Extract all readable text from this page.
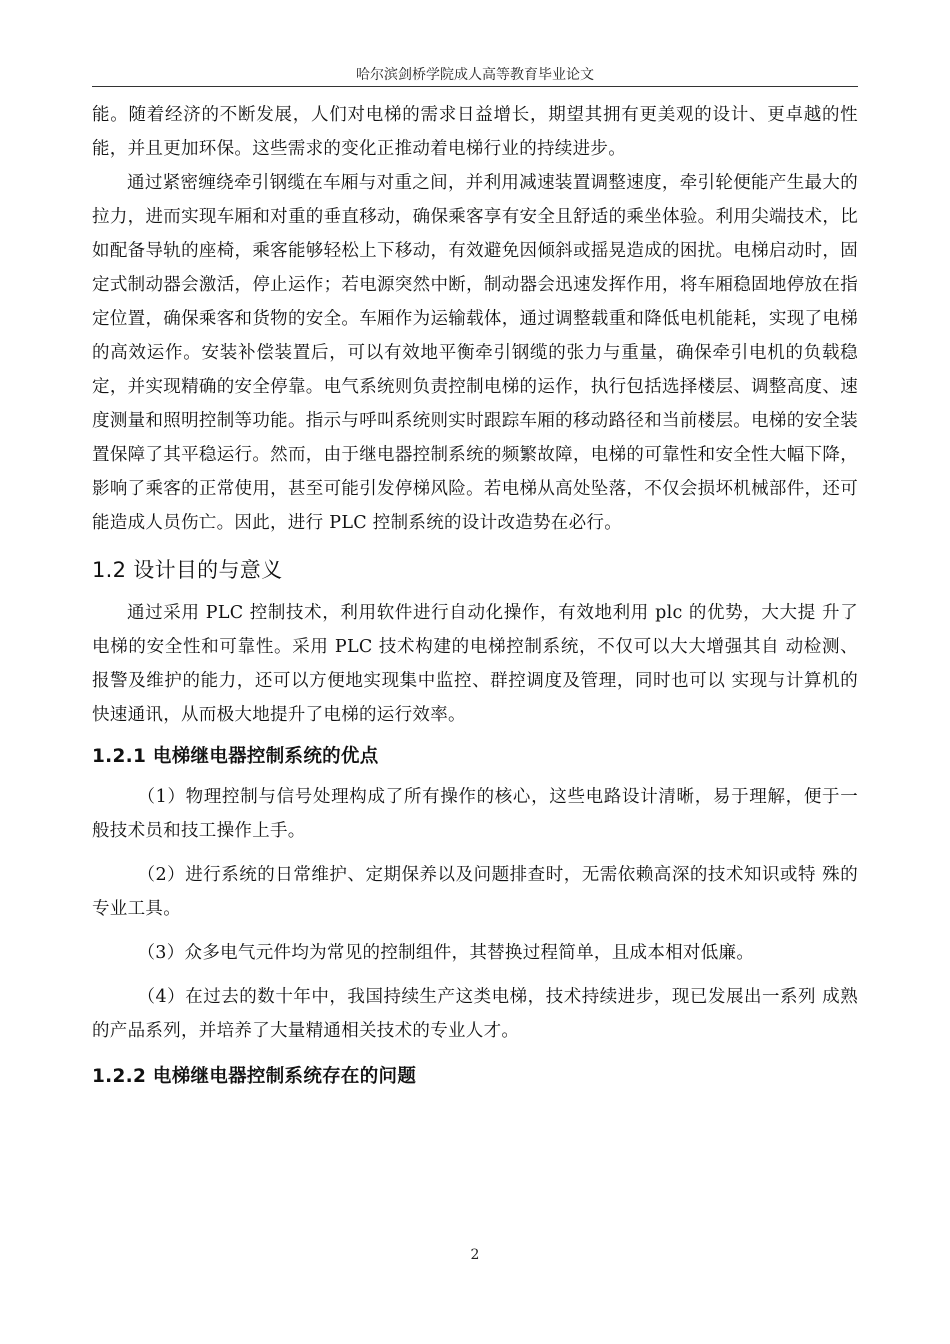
哈尔滨剑桥学院成人高等教育毕业论文

能。随着经济的不断发展，人们对电梯的需求日益增长，期望其拥有更美观的设计、更卓越的性能，并且更加环保。这些需求的变化正推动着电梯行业的持续进步。

通过紧密缠绕牵引钢缆在车厢与对重之间，并利用减速装置调整速度，牵引轮便能产生最大的拉力，进而实现车厢和对重的垂直移动，确保乘客享有安全且舒适的乘坐体验。利用尖端技术，比如配备导轨的座椅，乘客能够轻松上下移动，有效避免因倾斜或摇晃造成的困扰。电梯启动时，固定式制动器会激活，停止运作；若电源突然中断，制动器会迅速发挥作用，将车厢稳固地停放在指定位置，确保乘客和货物的安全。车厢作为运输载体，通过调整载重和降低电机能耗，实现了电梯的高效运作。安装补偿装置后，可以有效地平衡牵引钢缆的张力与重量，确保牵引电机的负载稳定，并实现精确的安全停靠。电气系统则负责控制电梯的运作，执行包括选择楼层、调整高度、速度测量和照明控制等功能。指示与呼叫系统则实时跟踪车厢的移动路径和当前楼层。电梯的安全装置保障了其平稳运行。然而，由于继电器控制系统的频繁故障，电梯的可靠性和安全性大幅下降，影响了乘客的正常使用，甚至可能引发停梯风险。若电梯从高处坠落，不仅会损坏机械部件，还可能造成人员伤亡。因此，进行 PLC 控制系统的设计改造势在必行。

1.2 设计目的与意义

通过采用 PLC 控制技术，利用软件进行自动化操作，有效地利用 plc 的优势，大大提 升了电梯的安全性和可靠性。采用 PLC 技术构建的电梯控制系统，不仅可以大大增强其自 动检测、报警及维护的能力，还可以方便地实现集中监控、群控调度及管理，同时也可以 实现与计算机的快速通讯，从而极大地提升了电梯的运行效率。

1.2.1 电梯继电器控制系统的优点

（1）物理控制与信号处理构成了所有操作的核心，这些电路设计清晰，易于理解，便于一般技术员和技工操作上手。

（2）进行系统的日常维护、定期保养以及问题排查时，无需依赖高深的技术知识或特 殊的专业工具。

（3）众多电气元件均为常见的控制组件，其替换过程简单，且成本相对低廉。

（4）在过去的数十年中，我国持续生产这类电梯，技术持续进步，现已发展出一系列 成熟的产品系列，并培养了大量精通相关技术的专业人才。

1.2.2 电梯继电器控制系统存在的问题

2
